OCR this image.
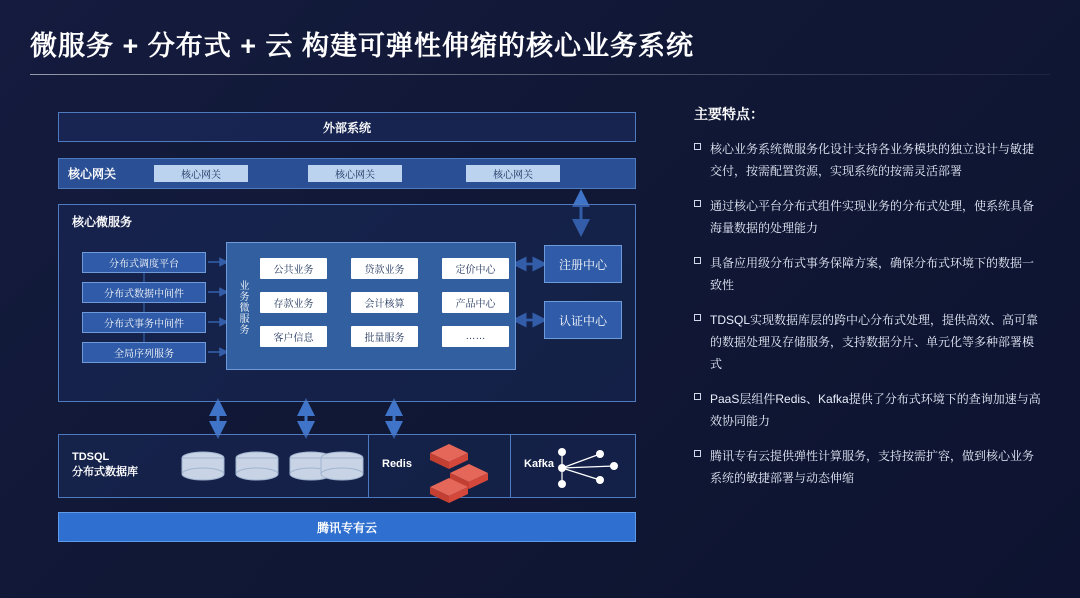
微服务 + 分布式 + 云 构建可弹性伸缩的核心业务系统
外部系统
核心网关	核心网关	核心网关	核心网关
核心微服务
分布式调度平台
分布式数据中间件
分布式事务中间件
全局序列服务
业务微服务
公共业务	贷款业务	定价中心
存款业务	会计核算	产品中心
客户信息	批量服务	……
注册中心
认证中心
TDSQL
分布式数据库
Redis	Kafka
腾讯专有云
主要特点：

核心业务系统微服务化设计支持各业务模块的独立设计与敏捷交付，按需配置资源，实现系统的按需灵活部署

通过核心平台分布式组件实现业务的分布式处理，使系统具备海量数据的处理能力

具备应用级分布式事务保障方案，确保分布式环境下的数据一致性

TDSQL实现数据库层的跨中心分布式处理，提供高效、高可靠的数据处理及存储服务，支持数据分片、单元化等多种部署模式

PaaS层组件Redis、Kafka提供了分布式环境下的查询加速与高效协同能力

腾讯专有云提供弹性计算服务，支持按需扩容，做到核心业务系统的敏捷部署与动态伸缩
